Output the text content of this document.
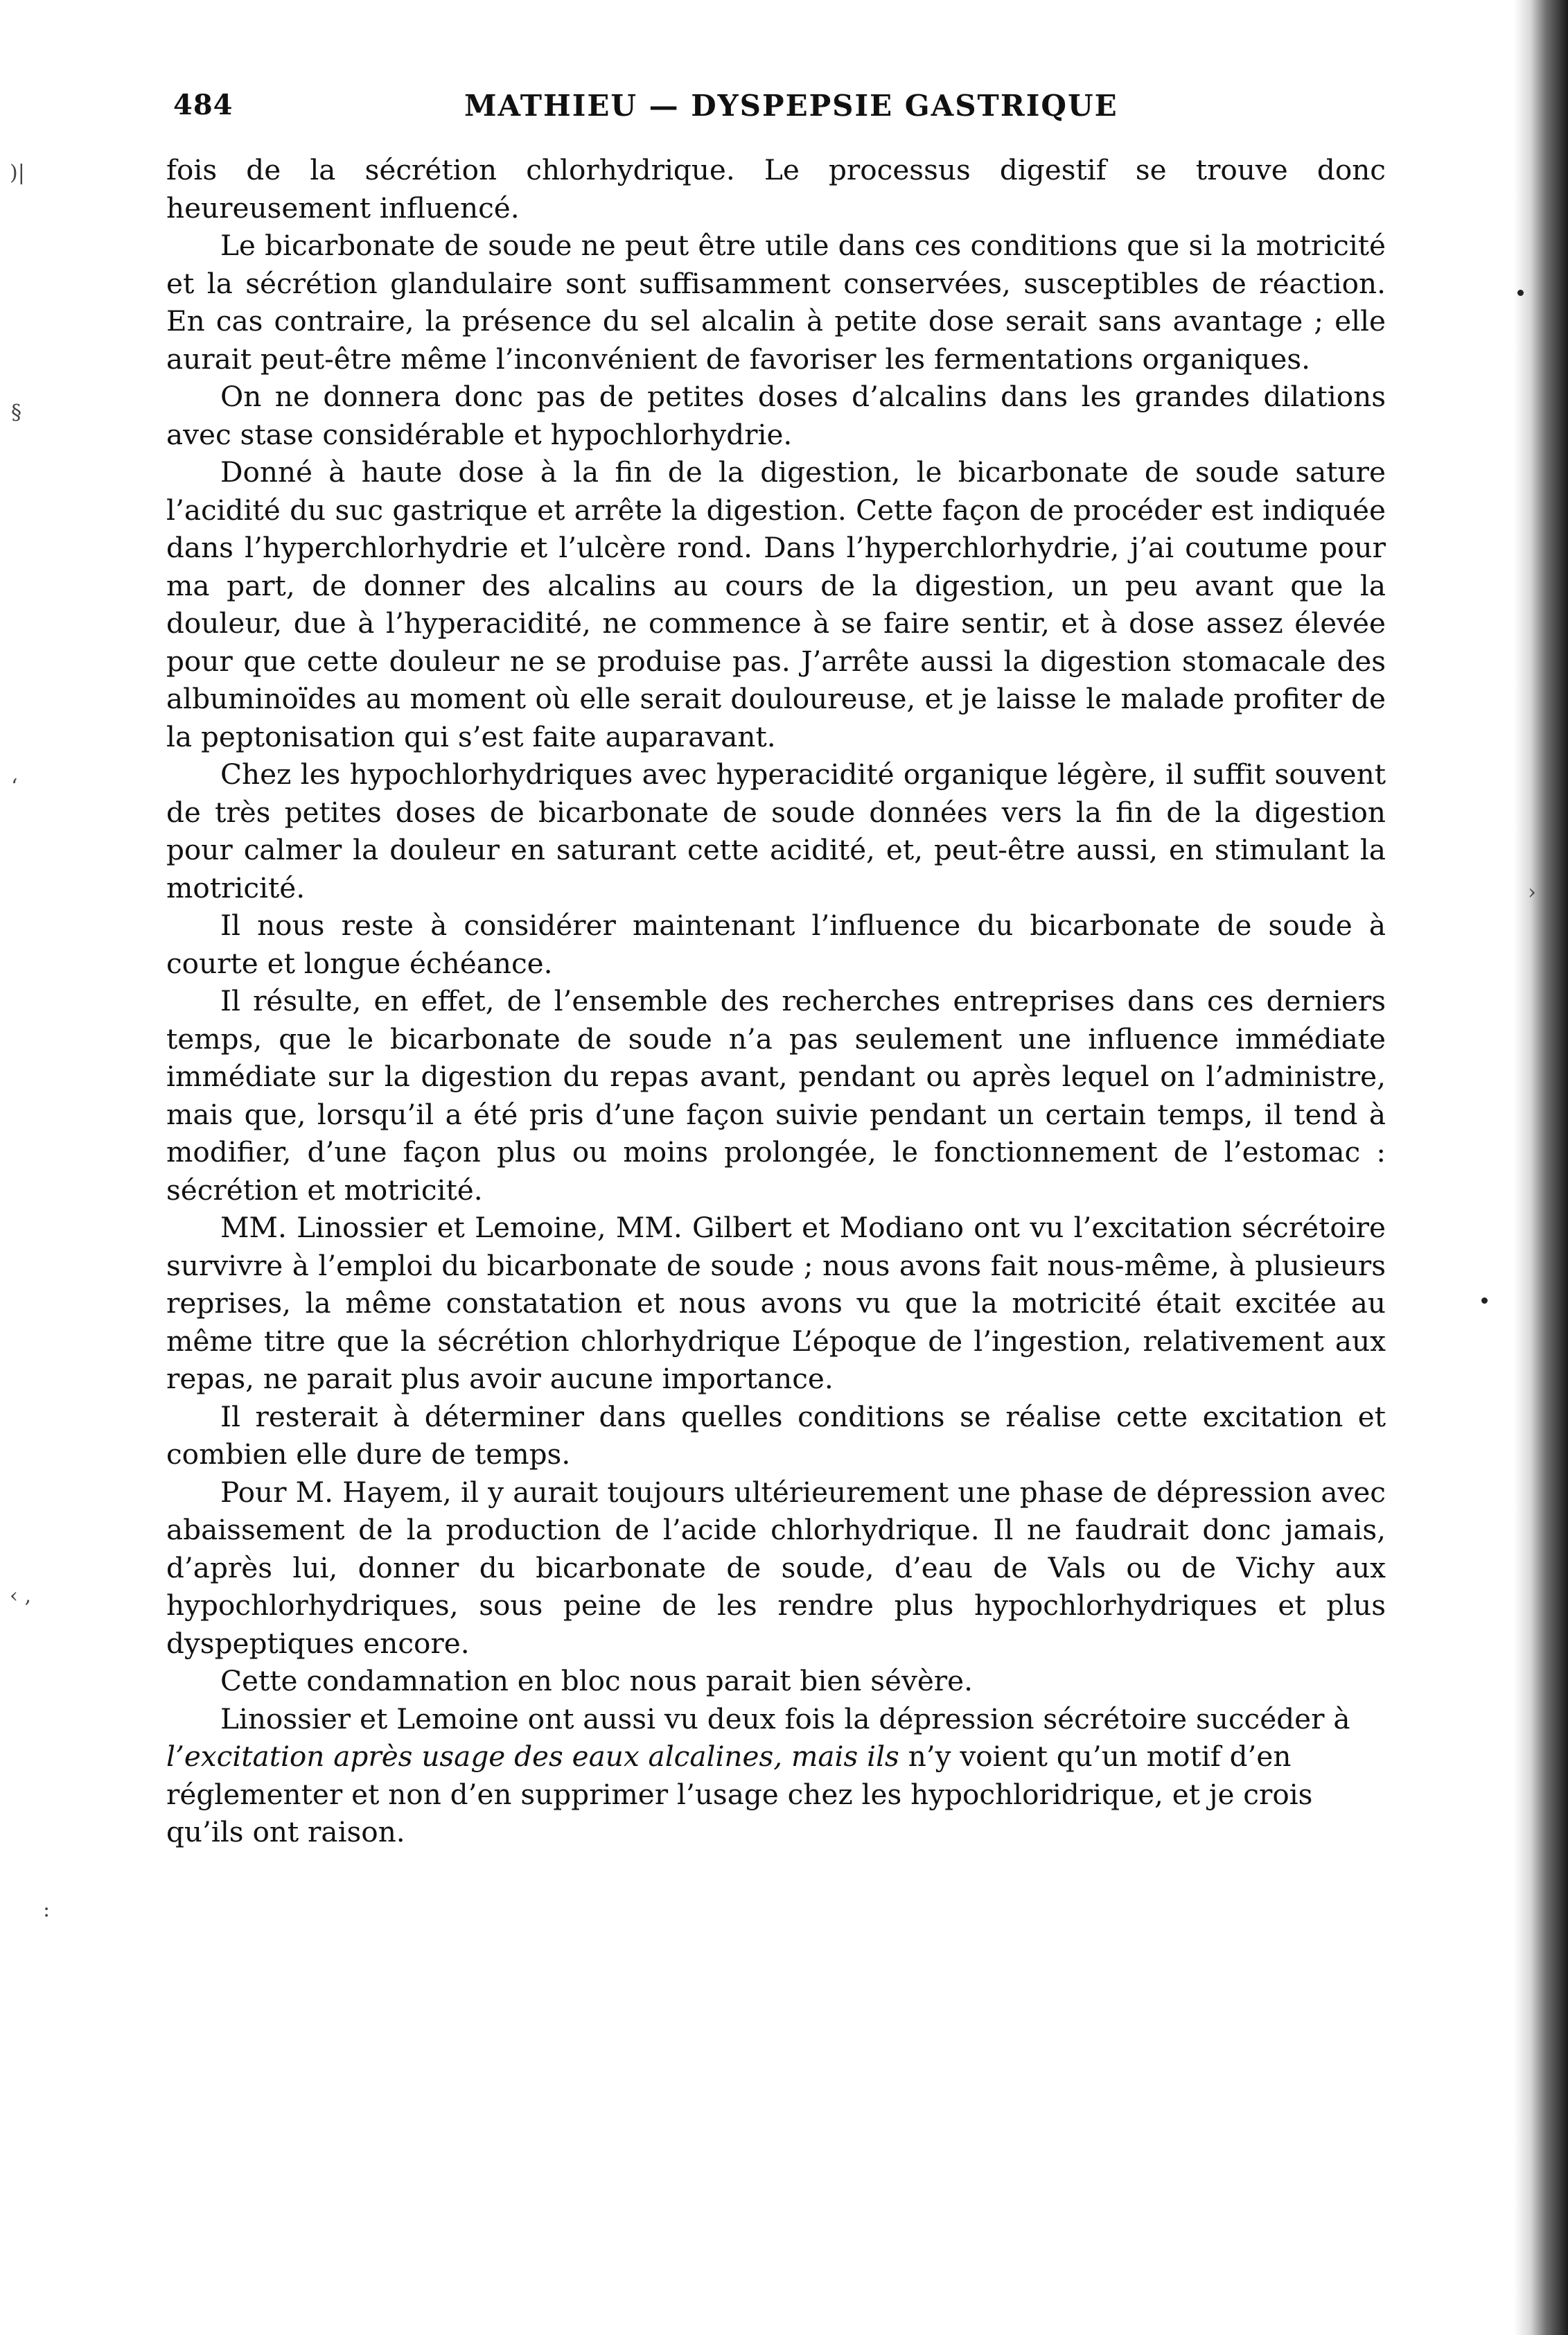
)|
§
‘
‹ ,
:
›
484	MATHIEU — DYSPEPSIE GASTRIQUE

fois de la sécrétion chlorhydrique. Le processus digestif se trouve donc heureusement influencé.

Le bicarbonate de soude ne peut être utile dans ces conditions que si la motricité et la sécrétion glandulaire sont suffisamment conservées, susceptibles de réaction. En cas contraire, la présence du sel alcalin à petite dose serait sans avantage ; elle aurait peut-être même l’inconvénient de favoriser les fermentations organiques.

On ne donnera donc pas de petites doses d’alcalins dans les grandes dilations avec stase considérable et hypochlorhydrie.

Donné à haute dose à la fin de la digestion, le bicarbonate de soude sature l’acidité du suc gastrique et arrête la digestion. Cette façon de procéder est indiquée dans l’hyperchlorhydrie et l’ulcère rond. Dans l’hyperchlorhydrie, j’ai coutume pour ma part, de donner des alcalins au cours de la digestion, un peu avant que la douleur, due à l’hyperacidité, ne commence à se faire sentir, et à dose assez élevée pour que cette douleur ne se produise pas. J’arrête aussi la digestion stomacale des albuminoïdes au moment où elle serait douloureuse, et je laisse le malade profiter de la peptonisation qui s’est faite auparavant.

Chez les hypochlorhydriques avec hyperacidité organique légère, il suffit souvent de très petites doses de bicarbonate de soude données vers la fin de la digestion pour calmer la douleur en saturant cette acidité, et, peut-être aussi, en stimulant la motricité.

Il nous reste à considérer maintenant l’influence du bicarbonate de soude à courte et longue échéance.

Il résulte, en effet, de l’ensemble des recherches entreprises dans ces derniers temps, que le bicarbonate de soude n’a pas seulement une influence immédiate immédiate sur la digestion du repas avant, pendant ou après lequel on l’administre, mais que, lorsqu’il a été pris d’une façon suivie pendant un certain temps, il tend à modifier, d’une façon plus ou moins prolongée, le fonctionnement de l’estomac : sécrétion et motricité.

MM. Linossier et Lemoine, MM. Gilbert et Modiano ont vu l’excitation sécrétoire survivre à l’emploi du bicarbonate de soude ; nous avons fait nous-même, à plusieurs reprises, la même constatation et nous avons vu que la motricité était excitée au même titre que la sécrétion chlorhydrique L’époque de l’ingestion, relativement aux repas, ne parait plus avoir aucune importance.

Il resterait à déterminer dans quelles conditions se réalise cette excitation et combien elle dure de temps.

Pour M. Hayem, il y aurait toujours ultérieurement une phase de dépression avec abaissement de la production de l’acide chlorhydrique. Il ne faudrait donc jamais, d’après lui, donner du bicarbonate de soude, d’eau de Vals ou de Vichy aux hypochlorhydriques, sous peine de les rendre plus hypochlorhydriques et plus dyspeptiques encore.

Cette condamnation en bloc nous parait bien sévère.

Linossier et Lemoine ont aussi vu deux fois la dépression sécrétoire succéder à l’excitation après usage des eaux alcalines, mais ils n’y voient qu’un motif d’en réglementer et non d’en supprimer l’usage chez les hypochloridrique, et je crois qu’ils ont raison.
